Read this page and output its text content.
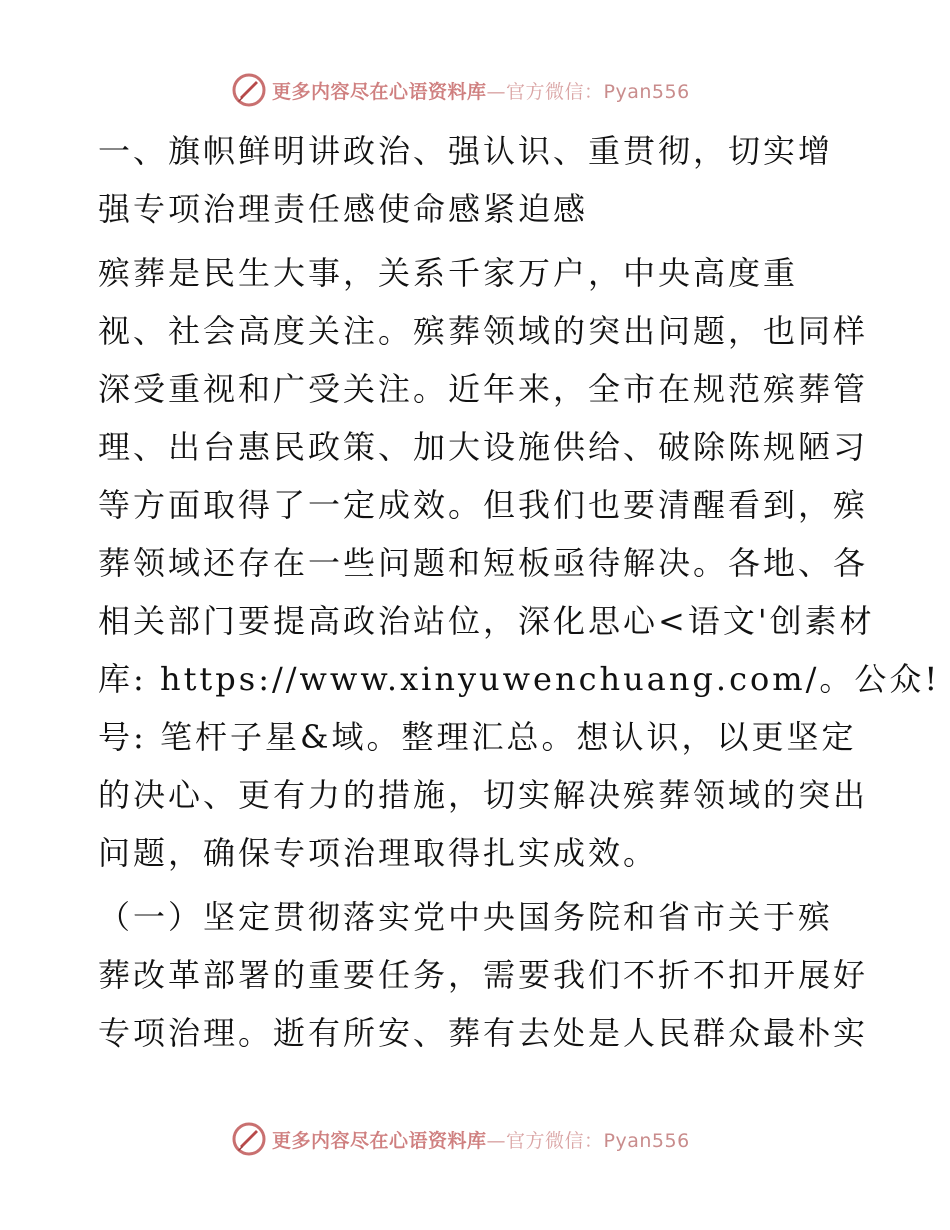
更多内容尽在心语资料库—官方微信：Pyan556
一、旗帜鲜明讲政治、强认识、重贯彻，切实增
强专项治理责任感使命感紧迫感
殡葬是民生大事，关系千家万户，中央高度重
视、社会高度关注。殡葬领域的突出问题，也同样
深受重视和广受关注。近年来，全市在规范殡葬管
理、出台惠民政策、加大设施供给、破除陈规陋习
等方面取得了一定成效。但我们也要清醒看到，殡
葬领域还存在一些问题和短板亟待解决。各地、各
相关部门要提高政治站位，深化思心<语文'创素材
库: https://www.xinyuwenchuang.com/。公众!
号: 笔杆子星&域。整理汇总。想认识，以更坚定
的决心、更有力的措施，切实解决殡葬领域的突出
问题，确保专项治理取得扎实成效。
（一）坚定贯彻落实党中央国务院和省市关于殡
葬改革部署的重要任务，需要我们不折不扣开展好
专项治理。逝有所安、葬有去处是人民群众最朴实
更多内容尽在心语资料库—官方微信：Pyan556
